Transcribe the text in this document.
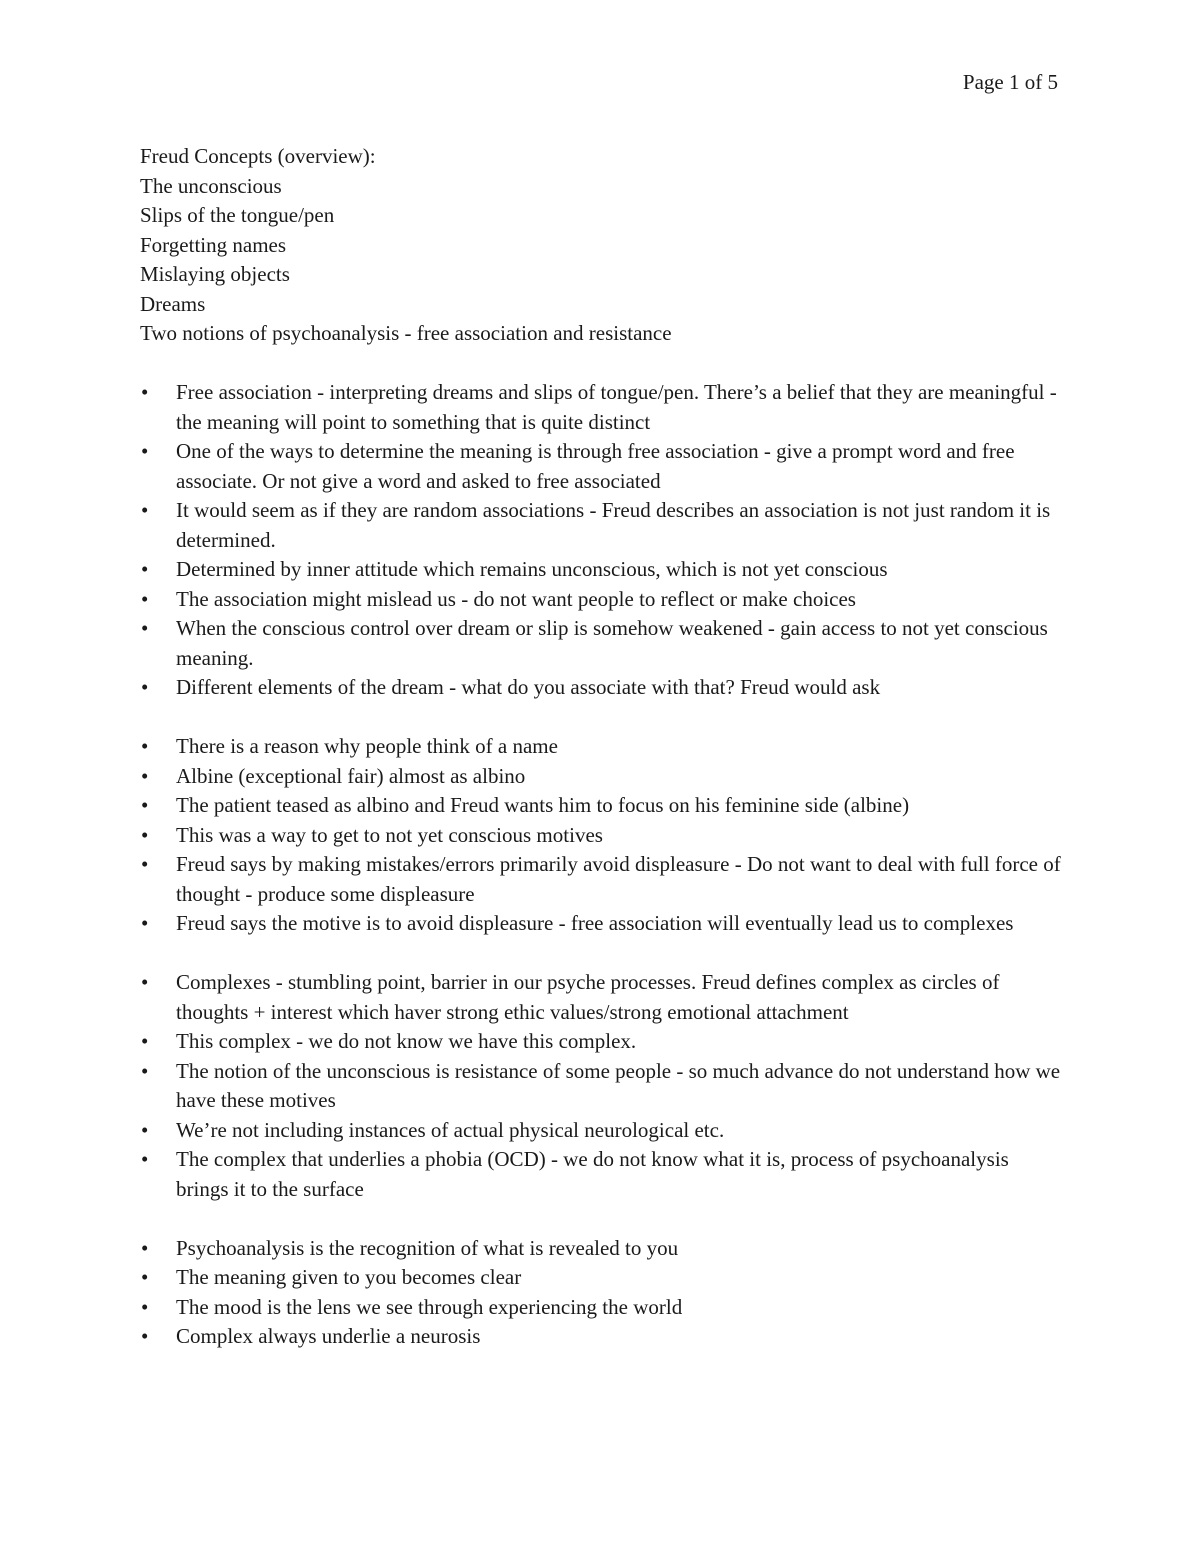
Page 1 of 5

Freud Concepts (overview):

The unconscious

Slips of the tongue/pen

Forgetting names

Mislaying objects

Dreams

Two notions of psychoanalysis - free association and resistance

• Free association - interpreting dreams and slips of tongue/pen. There’s a belief that they are meaningful - the meaning will point to something that is quite distinct
• One of the ways to determine the meaning is through free association - give a prompt word and free associate. Or not give a word and asked to free associated
• It would seem as if they are random associations - Freud describes an association is not just random it is determined.
• Determined by inner attitude which remains unconscious, which is not yet conscious
• The association might mislead us - do not want people to reflect or make choices
• When the conscious control over dream or slip is somehow weakened - gain access to not yet conscious meaning.
• Different elements of the dream - what do you associate with that? Freud would ask
• There is a reason why people think of a name
• Albine (exceptional fair) almost as albino
• The patient teased as albino and Freud wants him to focus on his feminine side (albine)
• This was a way to get to not yet conscious motives
• Freud says by making mistakes/errors primarily avoid displeasure - Do not want to deal with full force of thought - produce some displeasure
• Freud says the motive is to avoid displeasure - free association will eventually lead us to complexes
• Complexes - stumbling point, barrier in our psyche processes. Freud defines complex as circles of thoughts + interest which haver strong ethic values/strong emotional attachment
• This complex - we do not know we have this complex.
• The notion of the unconscious is resistance of some people - so much advance do not understand how we have these motives
• We’re not including instances of actual physical neurological etc.
• The complex that underlies a phobia (OCD) - we do not know what it is, process of psychoanalysis brings it to the surface
• Psychoanalysis is the recognition of what is revealed to you
• The meaning given to you becomes clear
• The mood is the lens we see through experiencing the world
• Complex always underlie a neurosis
